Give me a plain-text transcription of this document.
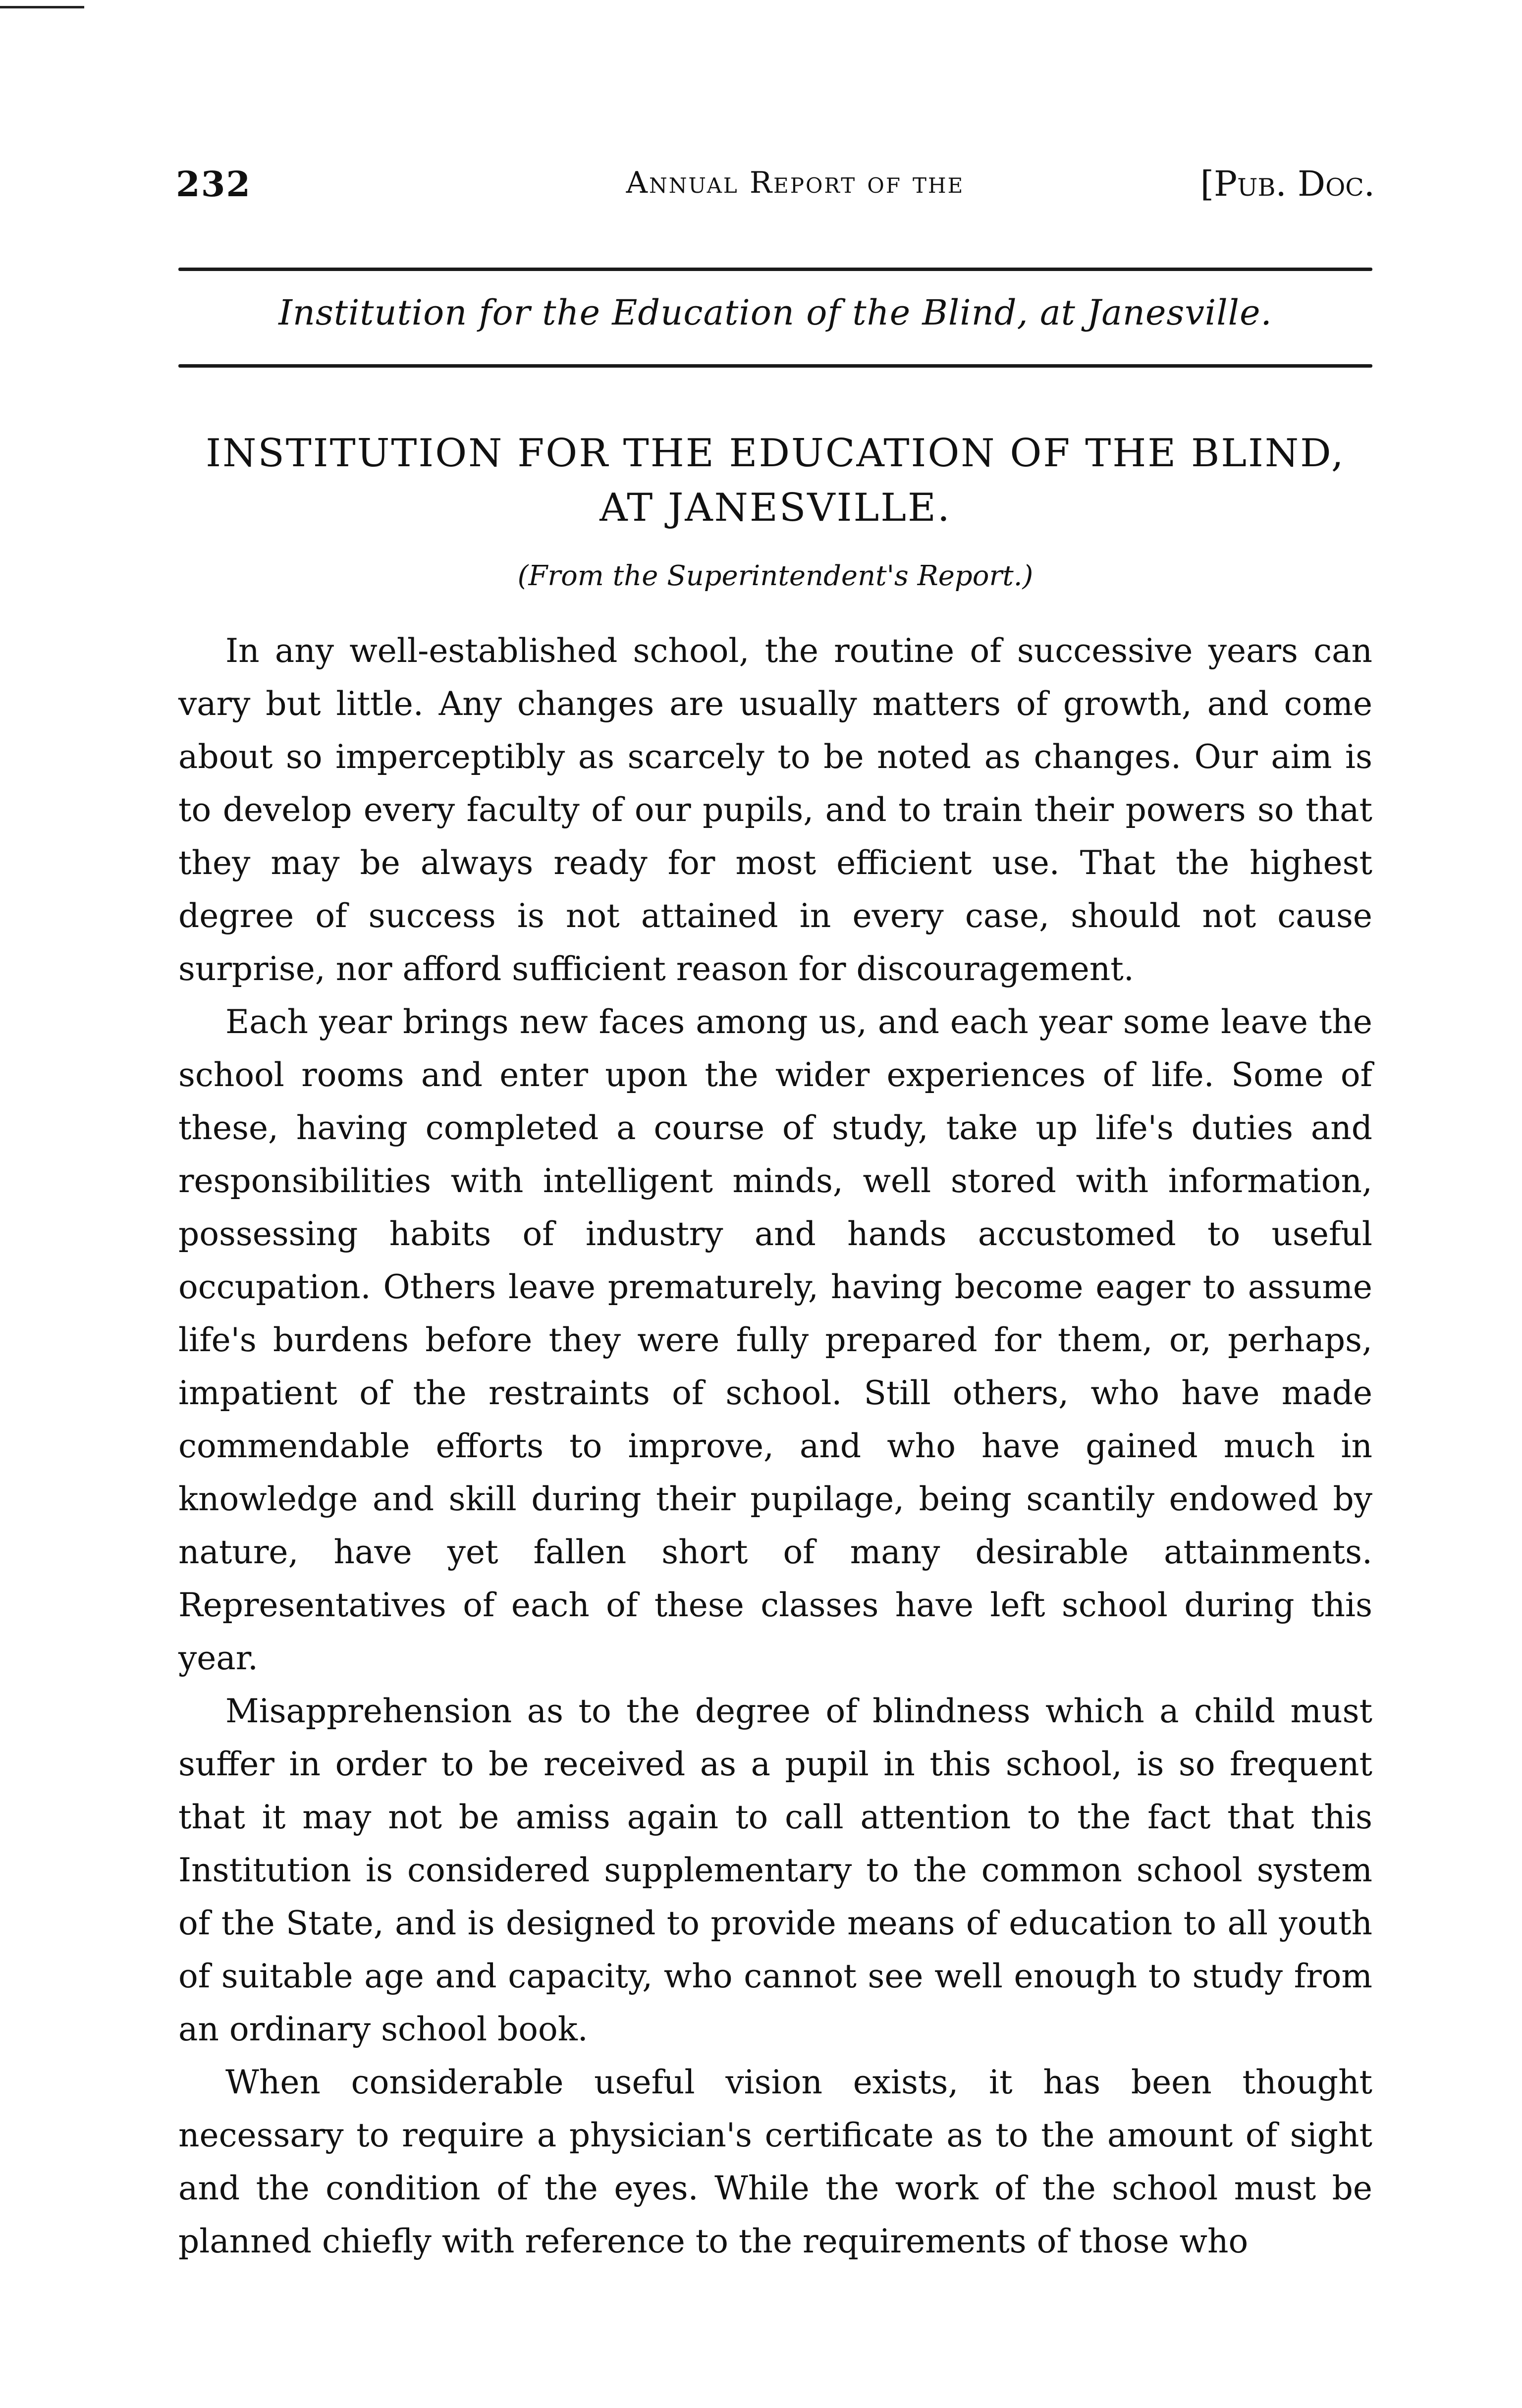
232	Annual Report of the	[Pub. Doc.
Institution for the Education of the Blind, at Janesville.
INSTITUTION FOR THE EDUCATION OF THE BLIND,
AT JANESVILLE.
(From the Superintendent's Report.)

In any well-established school, the routine of successive years can vary but little. Any changes are usually matters of growth, and come about so imperceptibly as scarcely to be noted as changes. Our aim is to develop every faculty of our pupils, and to train their powers so that they may be always ready for most efficient use. That the highest degree of success is not attained in every case, should not cause surprise, nor afford sufficient reason for discouragement.

Each year brings new faces among us, and each year some leave the school rooms and enter upon the wider experiences of life. Some of these, having completed a course of study, take up life's duties and responsibilities with intelligent minds, well stored with information, possessing habits of industry and hands accustomed to useful occupation. Others leave prematurely, having become eager to assume life's burdens before they were fully prepared for them, or, perhaps, impatient of the restraints of school. Still others, who have made commendable efforts to improve, and who have gained much in knowledge and skill during their pupilage, being scantily endowed by nature, have yet fallen short of many desirable attainments. Representatives of each of these classes have left school during this year.

Misapprehension as to the degree of blindness which a child must suffer in order to be received as a pupil in this school, is so frequent that it may not be amiss again to call attention to the fact that this Institution is considered supplementary to the common school system of the State, and is designed to provide means of education to all youth of suitable age and capacity, who cannot see well enough to study from an ordinary school book.

When considerable useful vision exists, it has been thought necessary to require a physician's certificate as to the amount of sight and the condition of the eyes. While the work of the school must be planned chiefly with reference to the requirements of those who
